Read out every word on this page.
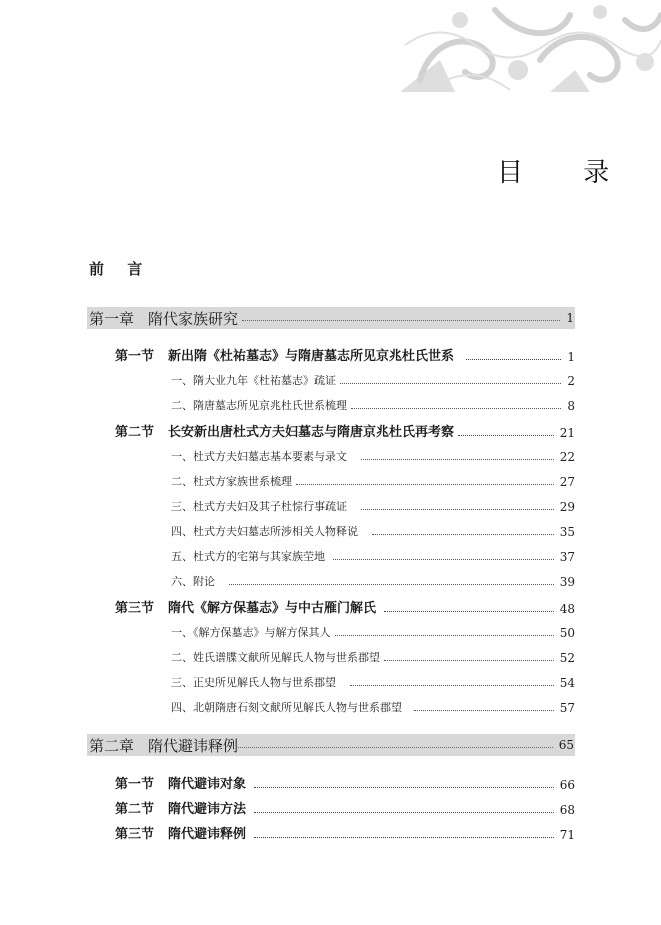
目 录
前 言
第一章 隋代家族研究	1
第一节 新出隋《杜祐墓志》与隋唐墓志所见京兆杜氏世系	1
一、隋大业九年《杜祐墓志》疏证	2
二、隋唐墓志所见京兆杜氏世系梳理	8
第二节 长安新出唐杜式方夫妇墓志与隋唐京兆杜氏再考察	21
一、杜式方夫妇墓志基本要素与录文	22
二、杜式方家族世系梳理	27
三、杜式方夫妇及其子杜悰行事疏证	29
四、杜式方夫妇墓志所涉相关人物释说	35
五、杜式方的宅第与其家族茔地	37
六、附论	39
第三节 隋代《解方保墓志》与中古雁门解氏	48
一、《解方保墓志》与解方保其人	50
二、姓氏谱牒文献所见解氏人物与世系郡望	52
三、正史所见解氏人物与世系郡望	54
四、北朝隋唐石刻文献所见解氏人物与世系郡望	57
第二章 隋代避讳释例	65
第一节 隋代避讳对象	66
第二节 隋代避讳方法	68
第三节 隋代避讳释例	71
